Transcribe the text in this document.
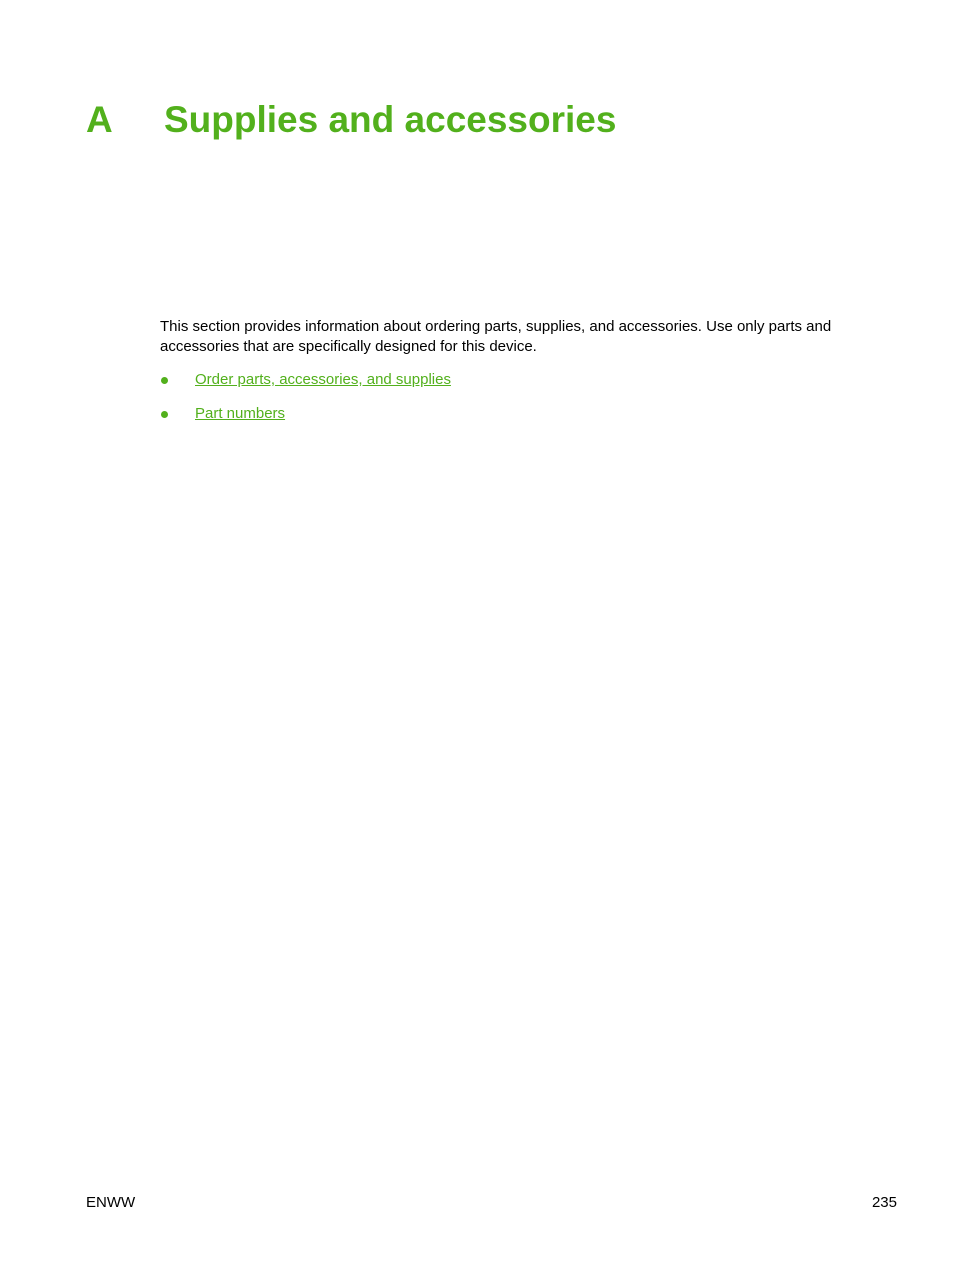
A Supplies and accessories

This section provides information about ordering parts, supplies, and accessories. Use only parts and accessories that are specifically designed for this device.

Order parts, accessories, and supplies
Part numbers
ENWW	235
